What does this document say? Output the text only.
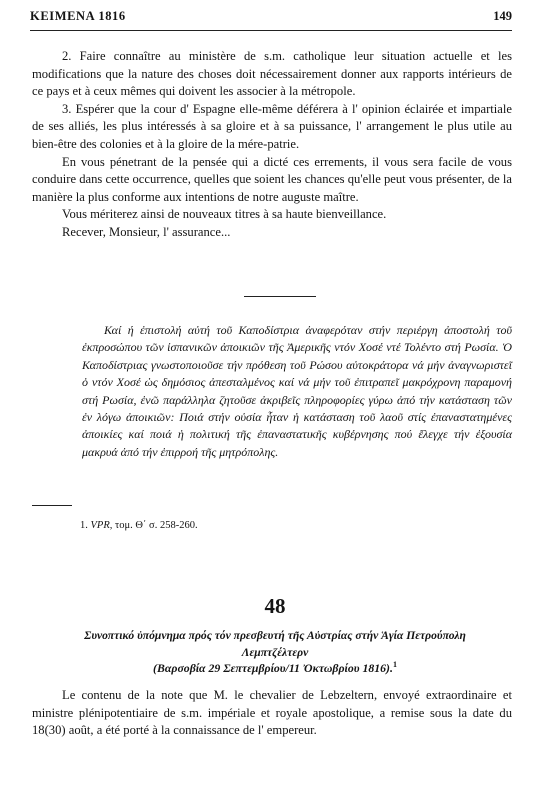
KEIMENA 1816	149

2. Faire connaître au ministère de s.m. catholique leur situation actuelle et les modifications que la nature des choses doit nécessairement donner aux rapports intérieurs de ce pays et à ceux mêmes qui doivent les associer à la métropole.

3. Espérer que la cour d' Espagne elle-même déférera à l' opinion éclairée et impartiale de ses alliés, les plus intéressés à sa gloire et à sa puissance, l' arrangement le plus utile au bien-être des colonies et à la gloire de la mére-patrie.

En vous pénetrant de la pensée qui a dicté ces errements, il vous sera facile de vous conduire dans cette occurrence, quelles que soient les chances qu'elle peut vous présenter, de la manière la plus conforme aux intentions de notre auguste maître.

Vous mériterez ainsi de nouveaux titres à sa haute bienveillance.

Recever, Monsieur, l' assurance...

Καί ή ἐπιστολή αὐτή τοῦ Καποδίστρια ἀναφερόταν στήν περιέργη ἀποστολή τοῦ ἐκπροσώπου τῶν ἰσπανικῶν ἀποικιῶν τῆς Ἀμερικῆς ντόν Χοσέ ντέ Τολέντο στή Ρωσία. Ὁ Καποδίστριας γνωστοποιοῦσε τήν πρόθεση τοῦ Ρώσου αὐτοκράτορα νά μήν ἀναγνωριστεῖ ὁ ντόν Χοσέ ὡς δημόσιος ἀπεσταλμένος καί νά μήν τοῦ ἐπιτραπεῖ μακρόχρονη παραμονή στή Ρωσία, ἐνῶ παράλληλα ζητοῦσε ἀκριβεῖς πληροφορίες γύρω ἀπό τήν κατάσταση τῶν ἐν λόγω ἀποικιῶν: Ποιά στήν οὐσία ἦταν ἡ κατάσταση τοῦ λαοῦ στίς ἐπαναστατημένες ἀποικίες καί ποιά ἡ πολιτική τῆς ἐπαναστατικῆς κυβέρνησης πού ἔλεγχε τήν ἐξουσία μακρυά ἀπό τήν ἐπιρροή τῆς μητρόπολης.
1. VPR, τομ. Θ΄ σ. 258-260.
48
Συνοπτικό ὑπόμνημα πρός τόν πρεσβευτή τῆς Αὐστρίας στήν Ἁγία Πετρούπολη
Λεμπτζέλτερν
(Βαρσοβία 29 Σεπτεμβρίου/11 Ὀκτωβρίου 1816).$^1$
Le contenu de la note que M. le chevalier de Lebzeltern, envoyé extraordinaire et ministre plénipotentiaire de s.m. impériale et royale apostolique, a remise sous la date du 18(30) août, a été porté à la connaissance de l' empereur.
